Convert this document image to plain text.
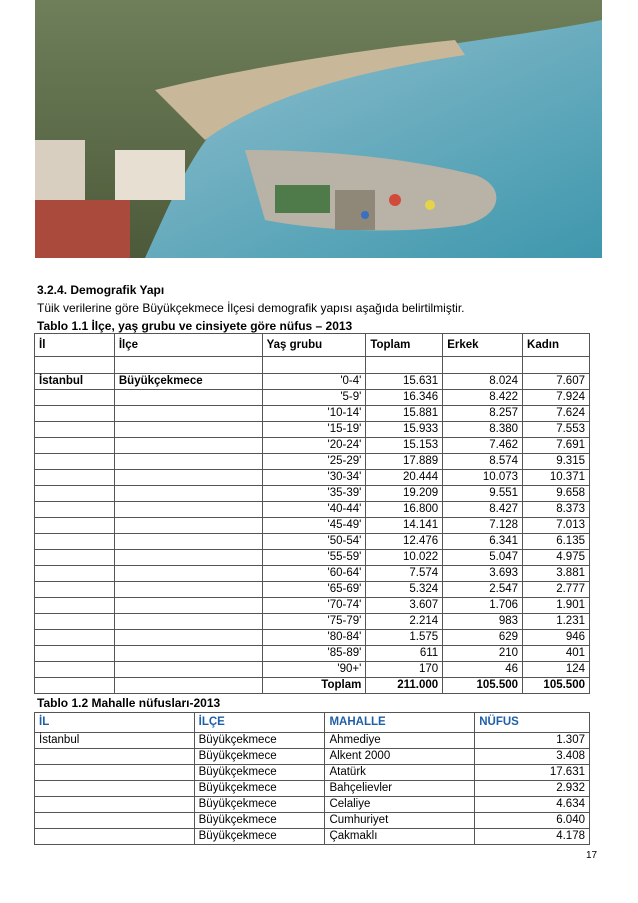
3.2.4. Demografik Yapı
Tüik verilerine göre Büyükçekmece İlçesi demografik yapısı aşağıda belirtilmiştir.
Tablo 1.1 İlçe, yaş grubu ve cinsiyete göre nüfus – 2013
İl	İlçe	Yaş grubu	Toplam	Erkek	Kadın

İstanbul	Büyükçekmece	'0-4'	15.631	8.024	7.607
		'5-9'	16.346	8.422	7.924
		'10-14'	15.881	8.257	7.624
		'15-19'	15.933	8.380	7.553
		'20-24'	15.153	7.462	7.691
		'25-29'	17.889	8.574	9.315
		'30-34'	20.444	10.073	10.371
		'35-39'	19.209	9.551	9.658
		'40-44'	16.800	8.427	8.373
		'45-49'	14.141	7.128	7.013
		'50-54'	12.476	6.341	6.135
		'55-59'	10.022	5.047	4.975
		'60-64'	7.574	3.693	3.881
		'65-69'	5.324	2.547	2.777
		'70-74'	3.607	1.706	1.901
		'75-79'	2.214	983	1.231
		'80-84'	1.575	629	946
		'85-89'	611	210	401
		'90+'	170	46	124
		Toplam	211.000	105.500	105.500
Tablo 1.2 Mahalle nüfusları-2013
İL	İLÇE	MAHALLE	NÜFUS
İstanbul	Büyükçekmece	Ahmediye	1.307
	Büyükçekmece	Alkent 2000	3.408
	Büyükçekmece	Atatürk	17.631
	Büyükçekmece	Bahçelievler	2.932
	Büyükçekmece	Celaliye	4.634
	Büyükçekmece	Cumhuriyet	6.040
	Büyükçekmece	Çakmaklı	4.178
17
